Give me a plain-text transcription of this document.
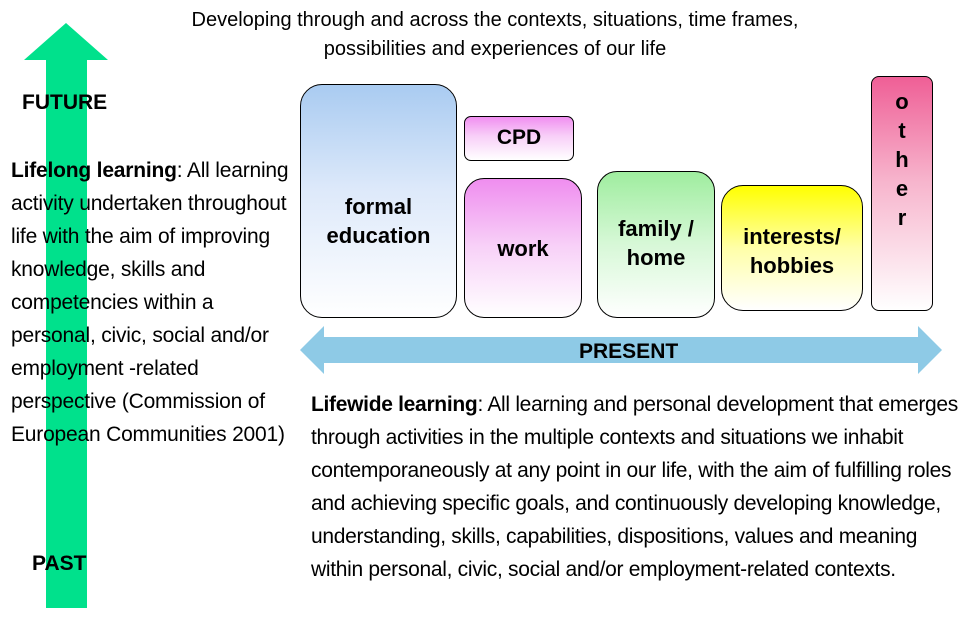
Developing through and across the contexts, situations, time frames, possibilities and experiences of our life
FUTURE
PAST
Lifelong learning: All learning activity undertaken throughout life with the aim of improving knowledge, skills and competencies within a personal, civic, social and/or employment -related perspective (Commission of European Communities 2001)
formal education
CPD
work
family / home
interests/ hobbies
other
PRESENT
Lifewide learning: All learning and personal development that emerges through activities in the multiple contexts and situations we inhabit contemporaneously at any point in our life, with the aim of fulfilling roles and achieving specific goals, and continuously developing knowledge, understanding, skills, capabilities, dispositions, values and meaning within personal, civic, social and/or employment-related contexts.
